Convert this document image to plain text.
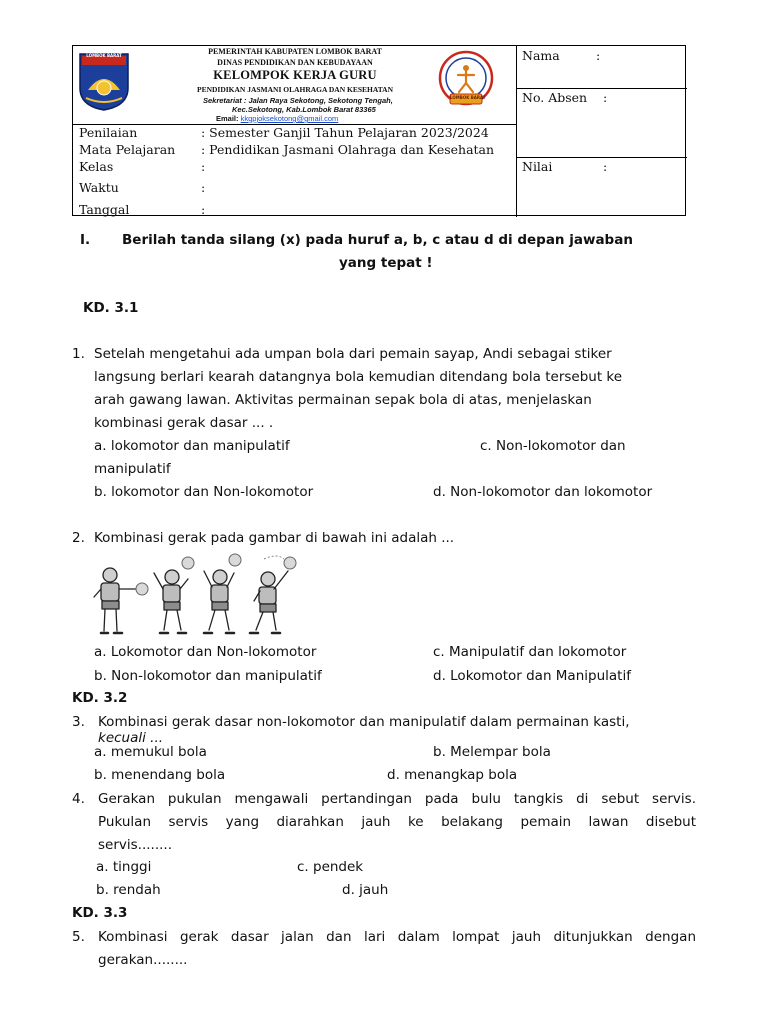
LOMBOK BARAT	PEMERINTAH KABUPATEN LOMBOK BARAT
DINAS PENDIDIKAN DAN KEBUDAYAAN
KELOMPOK KERJA GURU
PENDIDIKAN JASMANI OLAHRAGA DAN KESEHATAN
Sekretariat : Jalan Raya Sekotong, Sekotong Tengah,
Kec.Sekotong, Kab.Lombok Barat 83365
Email: kkgpjoksekotong@gmail.com
LOMBOK BARAT
Nama	:
No. Absen :
Nilai	:
Penilaian	: Semester Ganjil Tahun Pelajaran 2023/2024
Mata Pelajaran : Pendidikan Jasmani Olahraga dan Kesehatan
Kelas	:
Waktu	:
Tanggal	:
I. Berilah tanda silang (x) pada huruf a, b, c atau d di depan jawaban
yang tepat !
KD. 3.1
1. Setelah mengetahui ada umpan bola dari pemain sayap, Andi sebagai stiker
langsung berlari kearah datangnya bola kemudian ditendang bola tersebut ke
arah gawang lawan. Aktivitas permainan sepak bola di atas, menjelaskan
kombinasi gerak dasar ... .
a. lokomotor dan manipulatif	c. Non-lokomotor dan
manipulatif
b. lokomotor dan Non-lokomotor	d. Non-lokomotor dan lokomotor
2. Kombinasi gerak pada gambar di bawah ini adalah ...
a. Lokomotor dan Non-lokomotor	c. Manipulatif dan lokomotor
b. Non-lokomotor dan manipulatif	d. Lokomotor dan Manipulatif
KD. 3.2
3. Kombinasi gerak dasar non-lokomotor dan manipulatif dalam permainan kasti,
kecuali ...
a. memukul bola	b. Melempar bola
b. menendang bola	d. menangkap bola
4. Gerakan pukulan mengawali pertandingan pada bulu tangkis di sebut servis.
Pukulan servis yang diarahkan jauh ke belakang pemain lawan disebut
servis........
a. tinggi	c. pendek
b. rendah	d. jauh
KD. 3.3
5. Kombinasi gerak dasar jalan dan lari dalam lompat jauh ditunjukkan dengan
gerakan........
